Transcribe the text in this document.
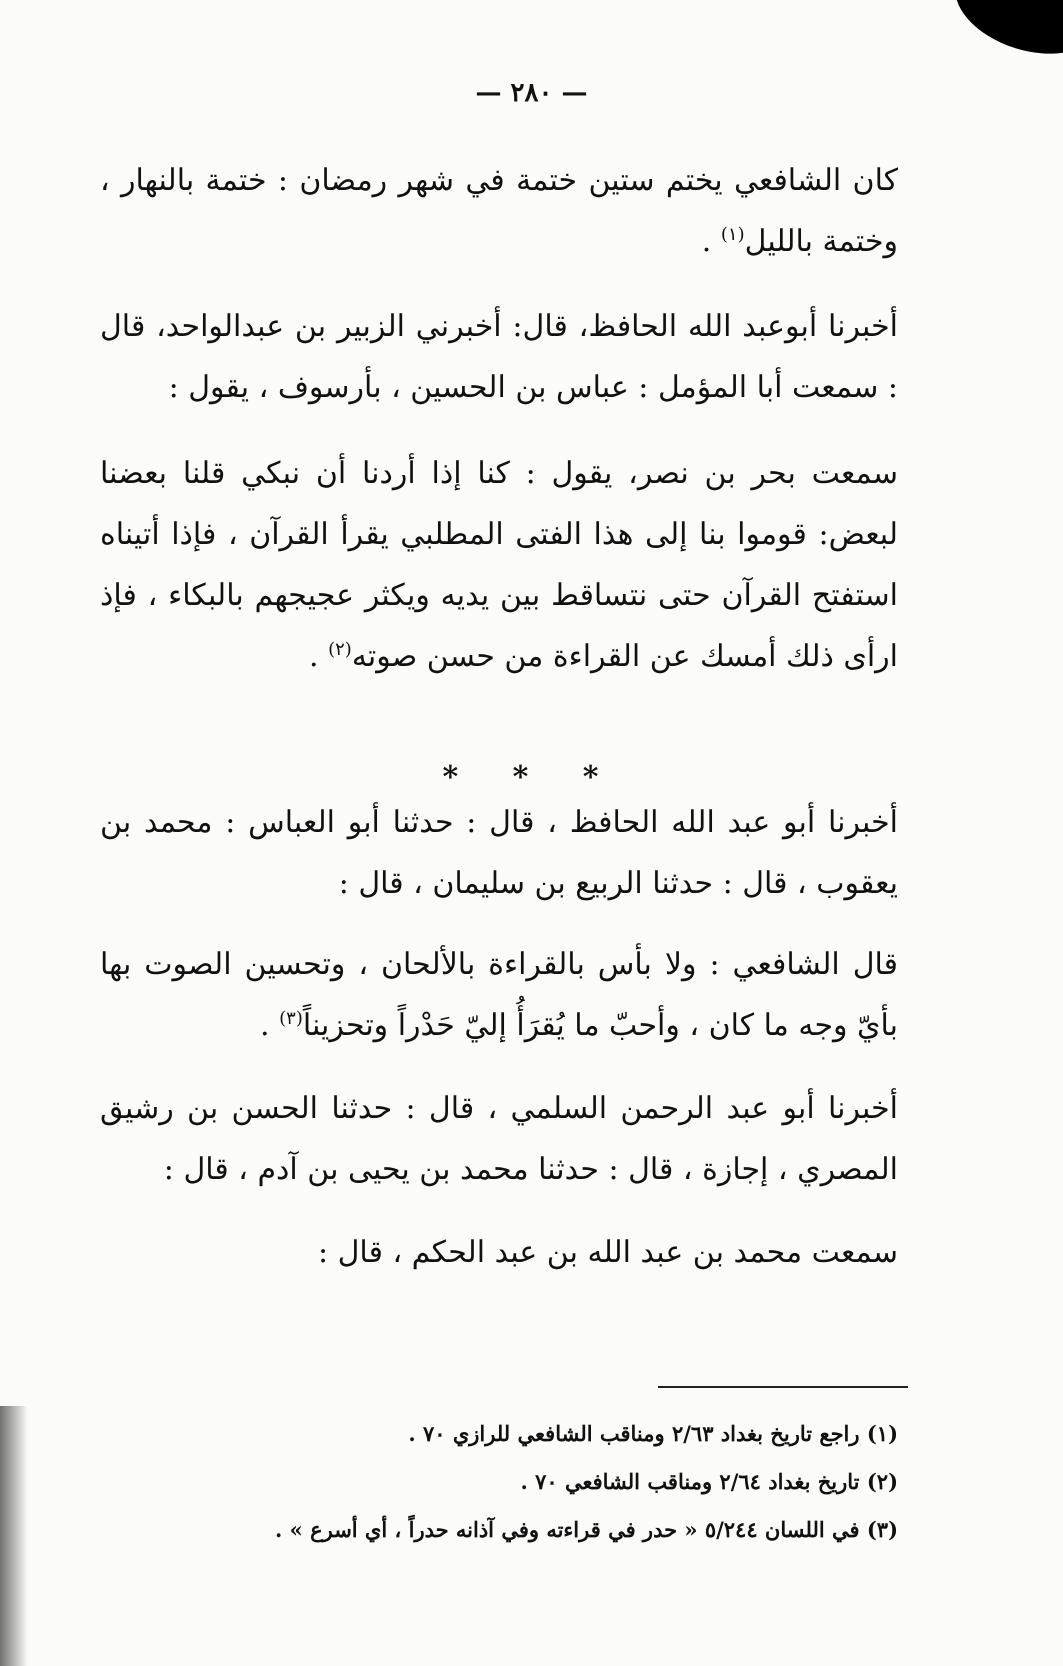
— ٢٨٠ —
كان الشافعي يختم ستين ختمة في شهر رمضان : ختمة بالنهار ، وختمة بالليل$^{(١)}$ .
أخبرنا أبوعبد الله الحافظ، قال: أخبرني الزبير بن عبدالواحد، قال : سمعت أبا المؤمل : عباس بن الحسين ، بأرسوف ، يقول :
سمعت بحر بن نصر، يقول : كنا إذا أردنا أن نبكي قلنا بعضنا لبعض: قوموا بنا إلى هذا الفتى المطلبي يقرأ القرآن ، فإذا أتيناه استفتح القرآن حتى نتساقط بين يديه ويكثر عجيجهم بالبكاء ، فإذ ارأى ذلك أمسك عن القراءة من حسن صوته$^{(٢)}$ .
* * *
أخبرنا أبو عبد الله الحافظ ، قال : حدثنا أبو العباس : محمد بن يعقوب ، قال : حدثنا الربيع بن سليمان ، قال :
قال الشافعي : ولا بأس بالقراءة بالألحان ، وتحسين الصوت بها بأيّ وجه ما كان ، وأحبّ ما يُقرَأُ إليّ حَدْراً وتحزيناً$^{(٣)}$ .
أخبرنا أبو عبد الرحمن السلمي ، قال : حدثنا الحسن بن رشيق المصري ، إجازة ، قال : حدثنا محمد بن يحيى بن آدم ، قال :
سمعت محمد بن عبد الله بن عبد الحكم ، قال :
(١) راجع تاريخ بغداد ٢/٦٣ ومناقب الشافعي للرازي ٧٠ .
(٢) تاريخ بغداد ٢/٦٤ ومناقب الشافعي ٧٠ .
(٣) في اللسان ٥/٢٤٤ « حدر في قراءته وفي آذانه حدراً ، أي أسرع » .
